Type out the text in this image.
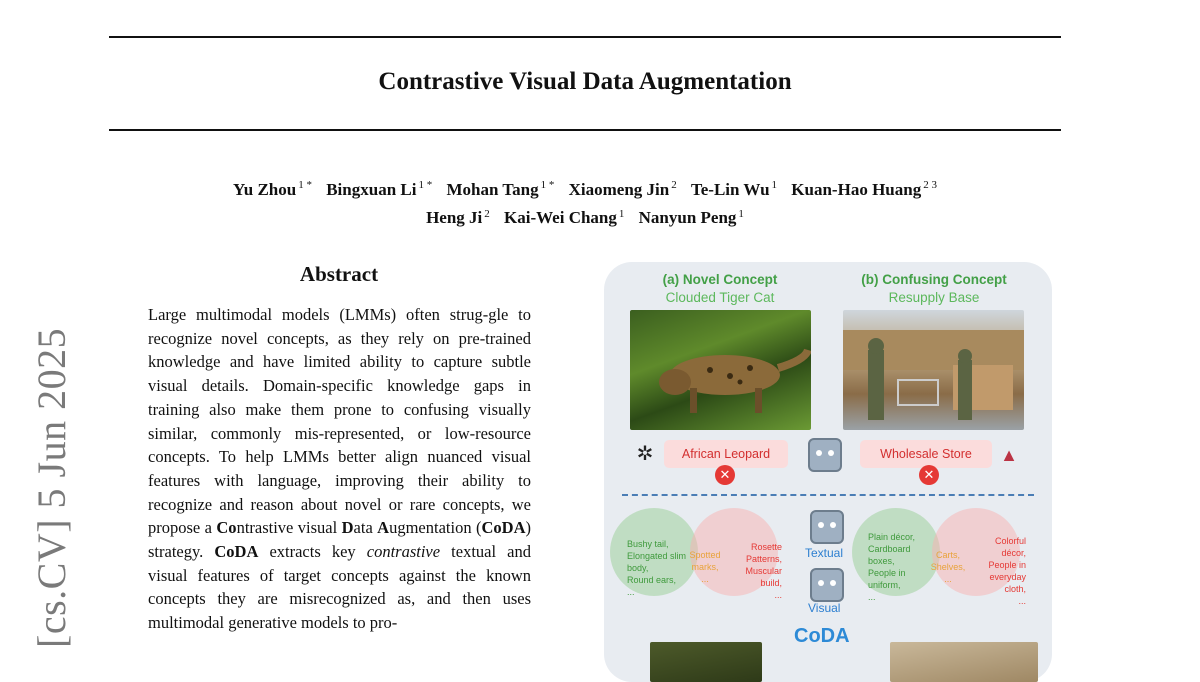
Contrastive Visual Data Augmentation
Yu Zhou $^{1 *}$ Bingxuan Li $^{1 *}$ Mohan Tang $^{1 *}$ Xiaomeng Jin $^2$ Te-Lin Wu $^1$ Kuan-Hao Huang $^{2 3}$
Heng Ji $^2$ Kai-Wei Chang $^1$ Nanyun Peng $^1$
[cs.CV] 5 Jun 2025
Abstract
Large multimodal models (LMMs) often strug-gle to recognize novel concepts, as they rely on pre-trained knowledge and have limited ability to capture subtle visual details. Domain-specific knowledge gaps in training also make them prone to confusing visually similar, commonly mis-represented, or low-resource concepts. To help LMMs better align nuanced visual features with language, improving their ability to recognize and reason about novel or rare concepts, we propose a Contrastive visual Data Augmentation (CoDA) strategy. CoDA extracts key contrastive textual and visual features of target concepts against the known concepts they are misrecognized as, and then uses multimodal generative models to pro-
(a) Novel Concept
Clouded Tiger Cat
(b) Confusing Concept
Resupply Base
✲	African Leopard
✕
Wholesale Store
✕
▲
Bushy tail,
Elongated slim body,
Round ears,
...
Spotted marks,
...
Rosette Patterns,
Muscular build,
...
Textual
Visual
Plain décor,
Cardboard boxes,
People in uniform,
...
Carts, Shelves,
...
Colorful décor,
People in everyday cloth,
...
CoDA
